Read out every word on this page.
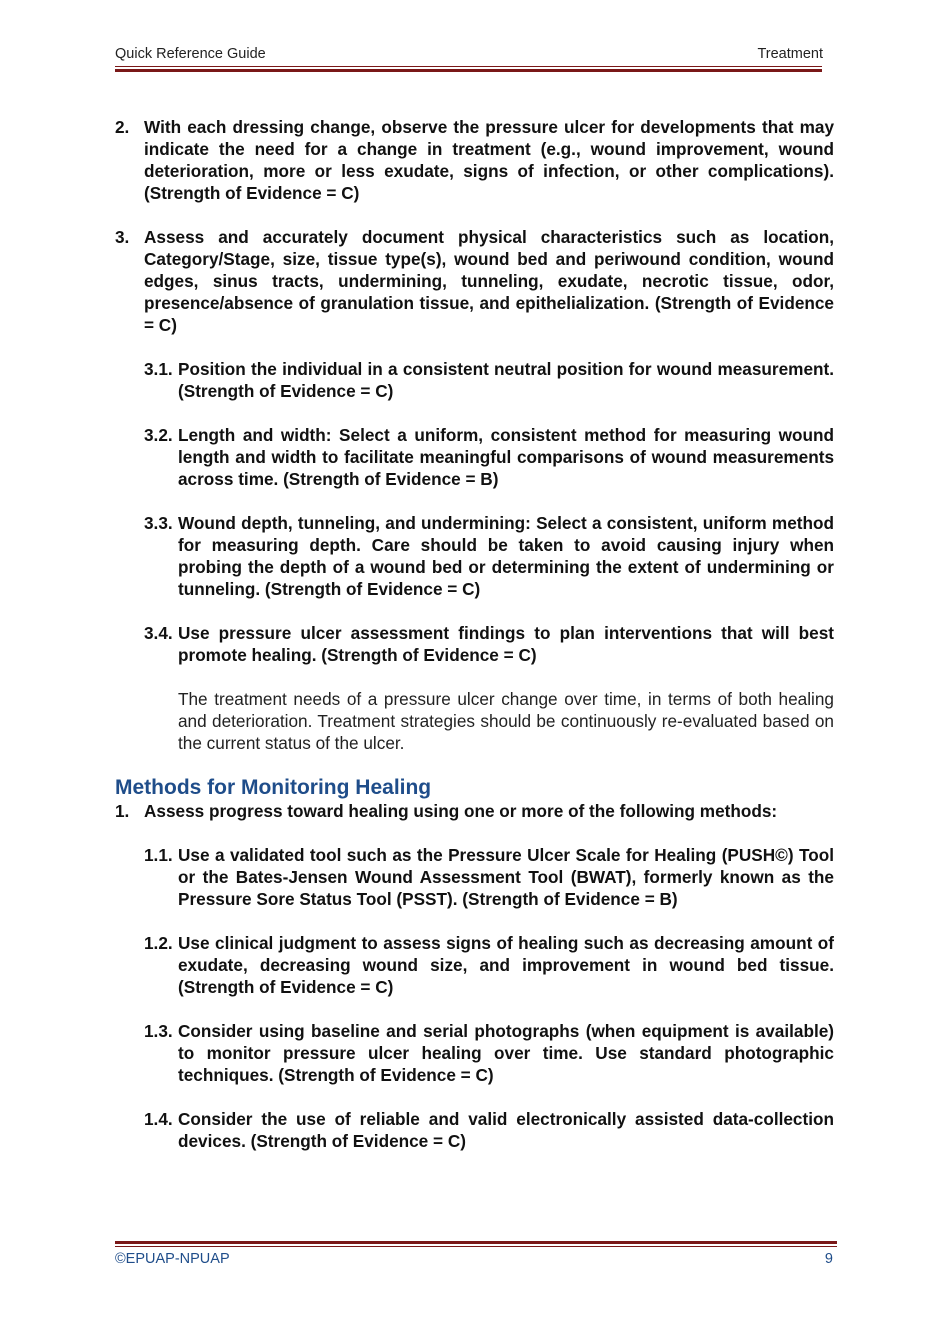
Quick Reference Guide	Treatment
2. With each dressing change, observe the pressure ulcer for developments that may indicate the need for a change in treatment (e.g., wound improvement, wound deterioration, more or less exudate, signs of infection, or other complications). (Strength of Evidence = C)
3. Assess and accurately document physical characteristics such as location, Category/Stage, size, tissue type(s), wound bed and periwound condition, wound edges, sinus tracts, undermining, tunneling, exudate, necrotic tissue, odor, presence/absence of granulation tissue, and epithelialization. (Strength of Evidence = C)
3.1. Position the individual in a consistent neutral position for wound measurement. (Strength of Evidence = C)
3.2. Length and width: Select a uniform, consistent method for measuring wound length and width to facilitate meaningful comparisons of wound measurements across time. (Strength of Evidence = B)
3.3. Wound depth, tunneling, and undermining: Select a consistent, uniform method for measuring depth. Care should be taken to avoid causing injury when probing the depth of a wound bed or determining the extent of undermining or tunneling. (Strength of Evidence = C)
3.4. Use pressure ulcer assessment findings to plan interventions that will best promote healing. (Strength of Evidence = C)
The treatment needs of a pressure ulcer change over time, in terms of both healing and deterioration. Treatment strategies should be continuously re-evaluated based on the current status of the ulcer.
Methods for Monitoring Healing
1. Assess progress toward healing using one or more of the following methods:
1.1. Use a validated tool such as the Pressure Ulcer Scale for Healing (PUSH©) Tool or the Bates-Jensen Wound Assessment Tool (BWAT), formerly known as the Pressure Sore Status Tool (PSST). (Strength of Evidence = B)
1.2. Use clinical judgment to assess signs of healing such as decreasing amount of exudate, decreasing wound size, and improvement in wound bed tissue. (Strength of Evidence = C)
1.3. Consider using baseline and serial photographs (when equipment is available) to monitor pressure ulcer healing over time. Use standard photographic techniques. (Strength of Evidence = C)
1.4. Consider the use of reliable and valid electronically assisted data-collection devices. (Strength of Evidence = C)
©EPUAP-NPUAP	9
